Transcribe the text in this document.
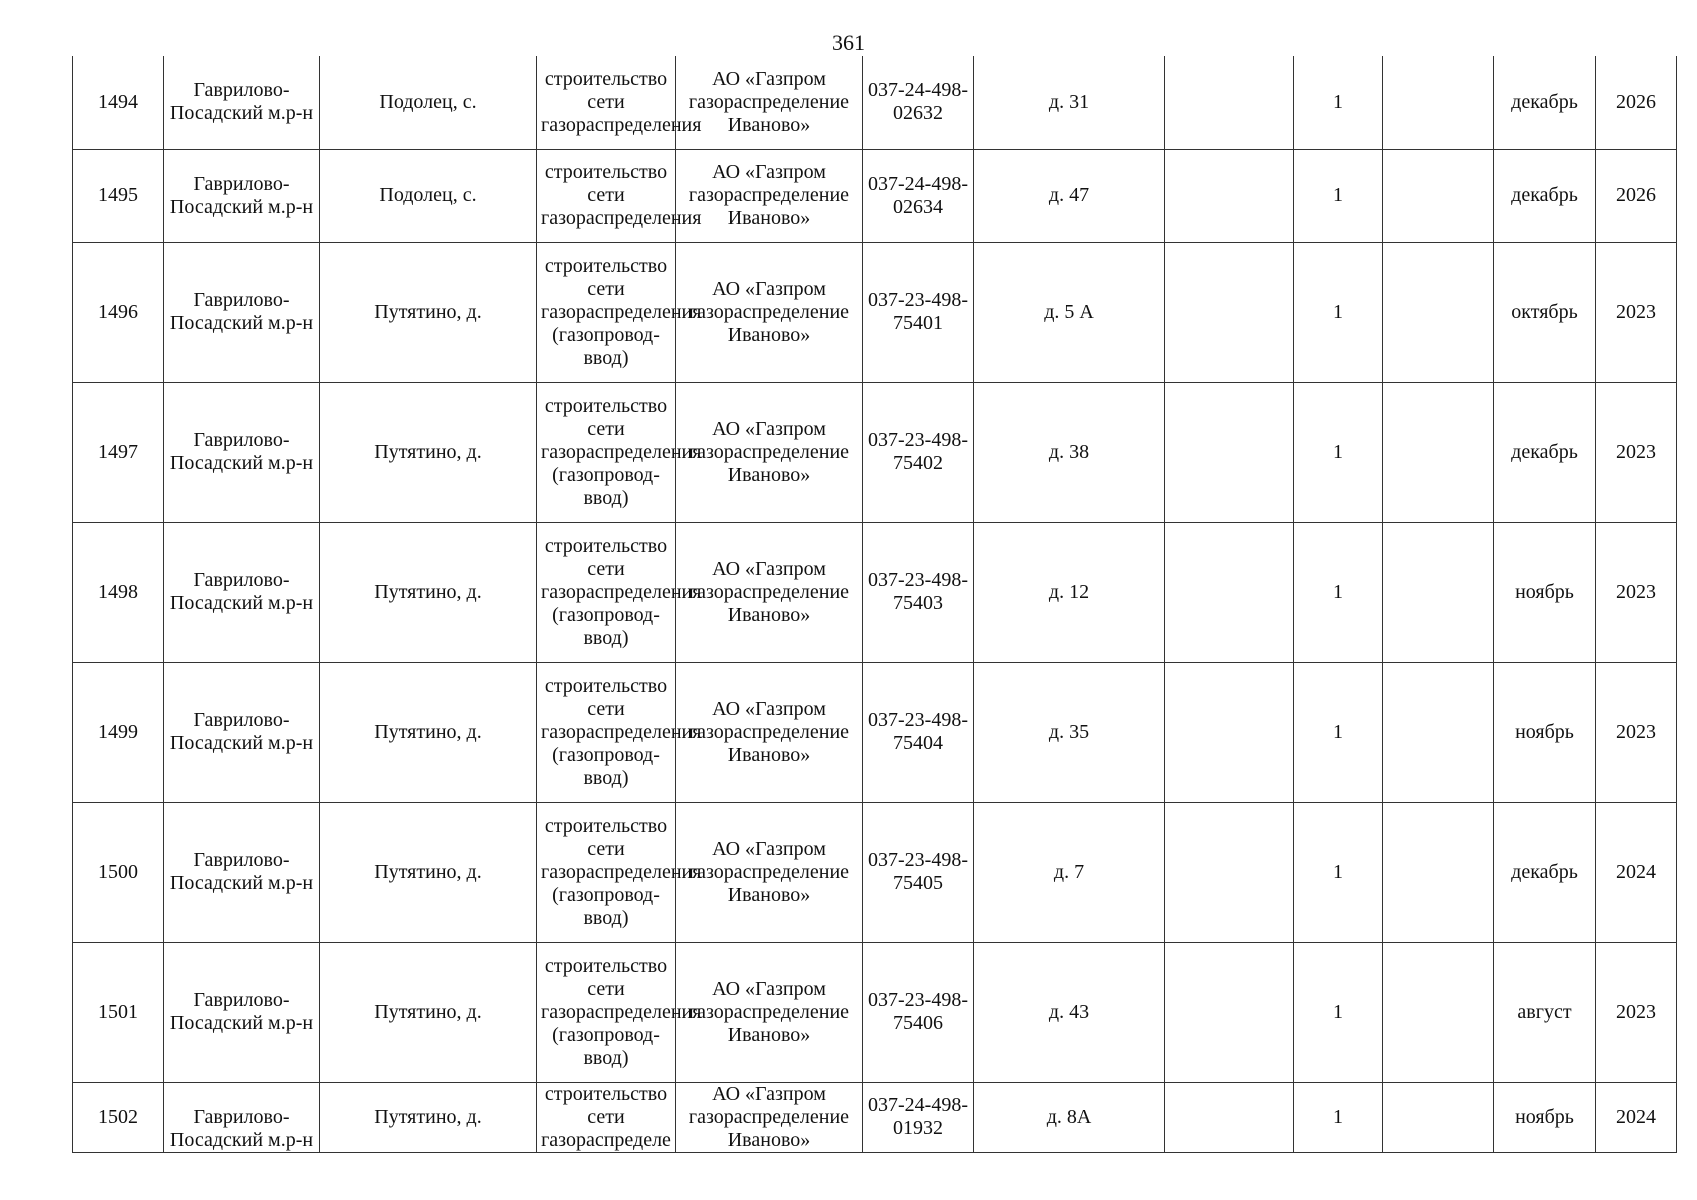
361
1494	Гаврилово-Посадский м.р-н	Подолец, с.	строительство сети газораспределения	АО «Газпром газораспределение Иваново»	037-24-498-02632	д. 31		1		декабрь	2026
1495	Гаврилово-Посадский м.р-н	Подолец, с.	строительство сети газораспределения	АО «Газпром газораспределение Иваново»	037-24-498-02634	д. 47		1		декабрь	2026
1496	Гаврилово-Посадский м.р-н	Путятино, д.	строительство сети газораспределения (газопровод-ввод)	АО «Газпром газораспределение Иваново»	037-23-498-75401	д. 5 А		1		октябрь	2023
1497	Гаврилово-Посадский м.р-н	Путятино, д.	строительство сети газораспределения (газопровод-ввод)	АО «Газпром газораспределение Иваново»	037-23-498-75402	д. 38		1		декабрь	2023
1498	Гаврилово-Посадский м.р-н	Путятино, д.	строительство сети газораспределения (газопровод-ввод)	АО «Газпром газораспределение Иваново»	037-23-498-75403	д. 12		1		ноябрь	2023
1499	Гаврилово-Посадский м.р-н	Путятино, д.	строительство сети газораспределения (газопровод-ввод)	АО «Газпром газораспределение Иваново»	037-23-498-75404	д. 35		1		ноябрь	2023
1500	Гаврилово-Посадский м.р-н	Путятино, д.	строительство сети газораспределения (газопровод-ввод)	АО «Газпром газораспределение Иваново»	037-23-498-75405	д. 7		1		декабрь	2024
1501	Гаврилово-Посадский м.р-н	Путятино, д.	строительство сети газораспределения (газопровод-ввод)	АО «Газпром газораспределение Иваново»	037-23-498-75406	д. 43		1		август	2023
1502	Гаврилово-Посадский м.р-н	Путятино, д.	строительство сети газораспределе	АО «Газпром газораспределение Иваново»	037-24-498-01932	д. 8А		1		ноябрь	2024
